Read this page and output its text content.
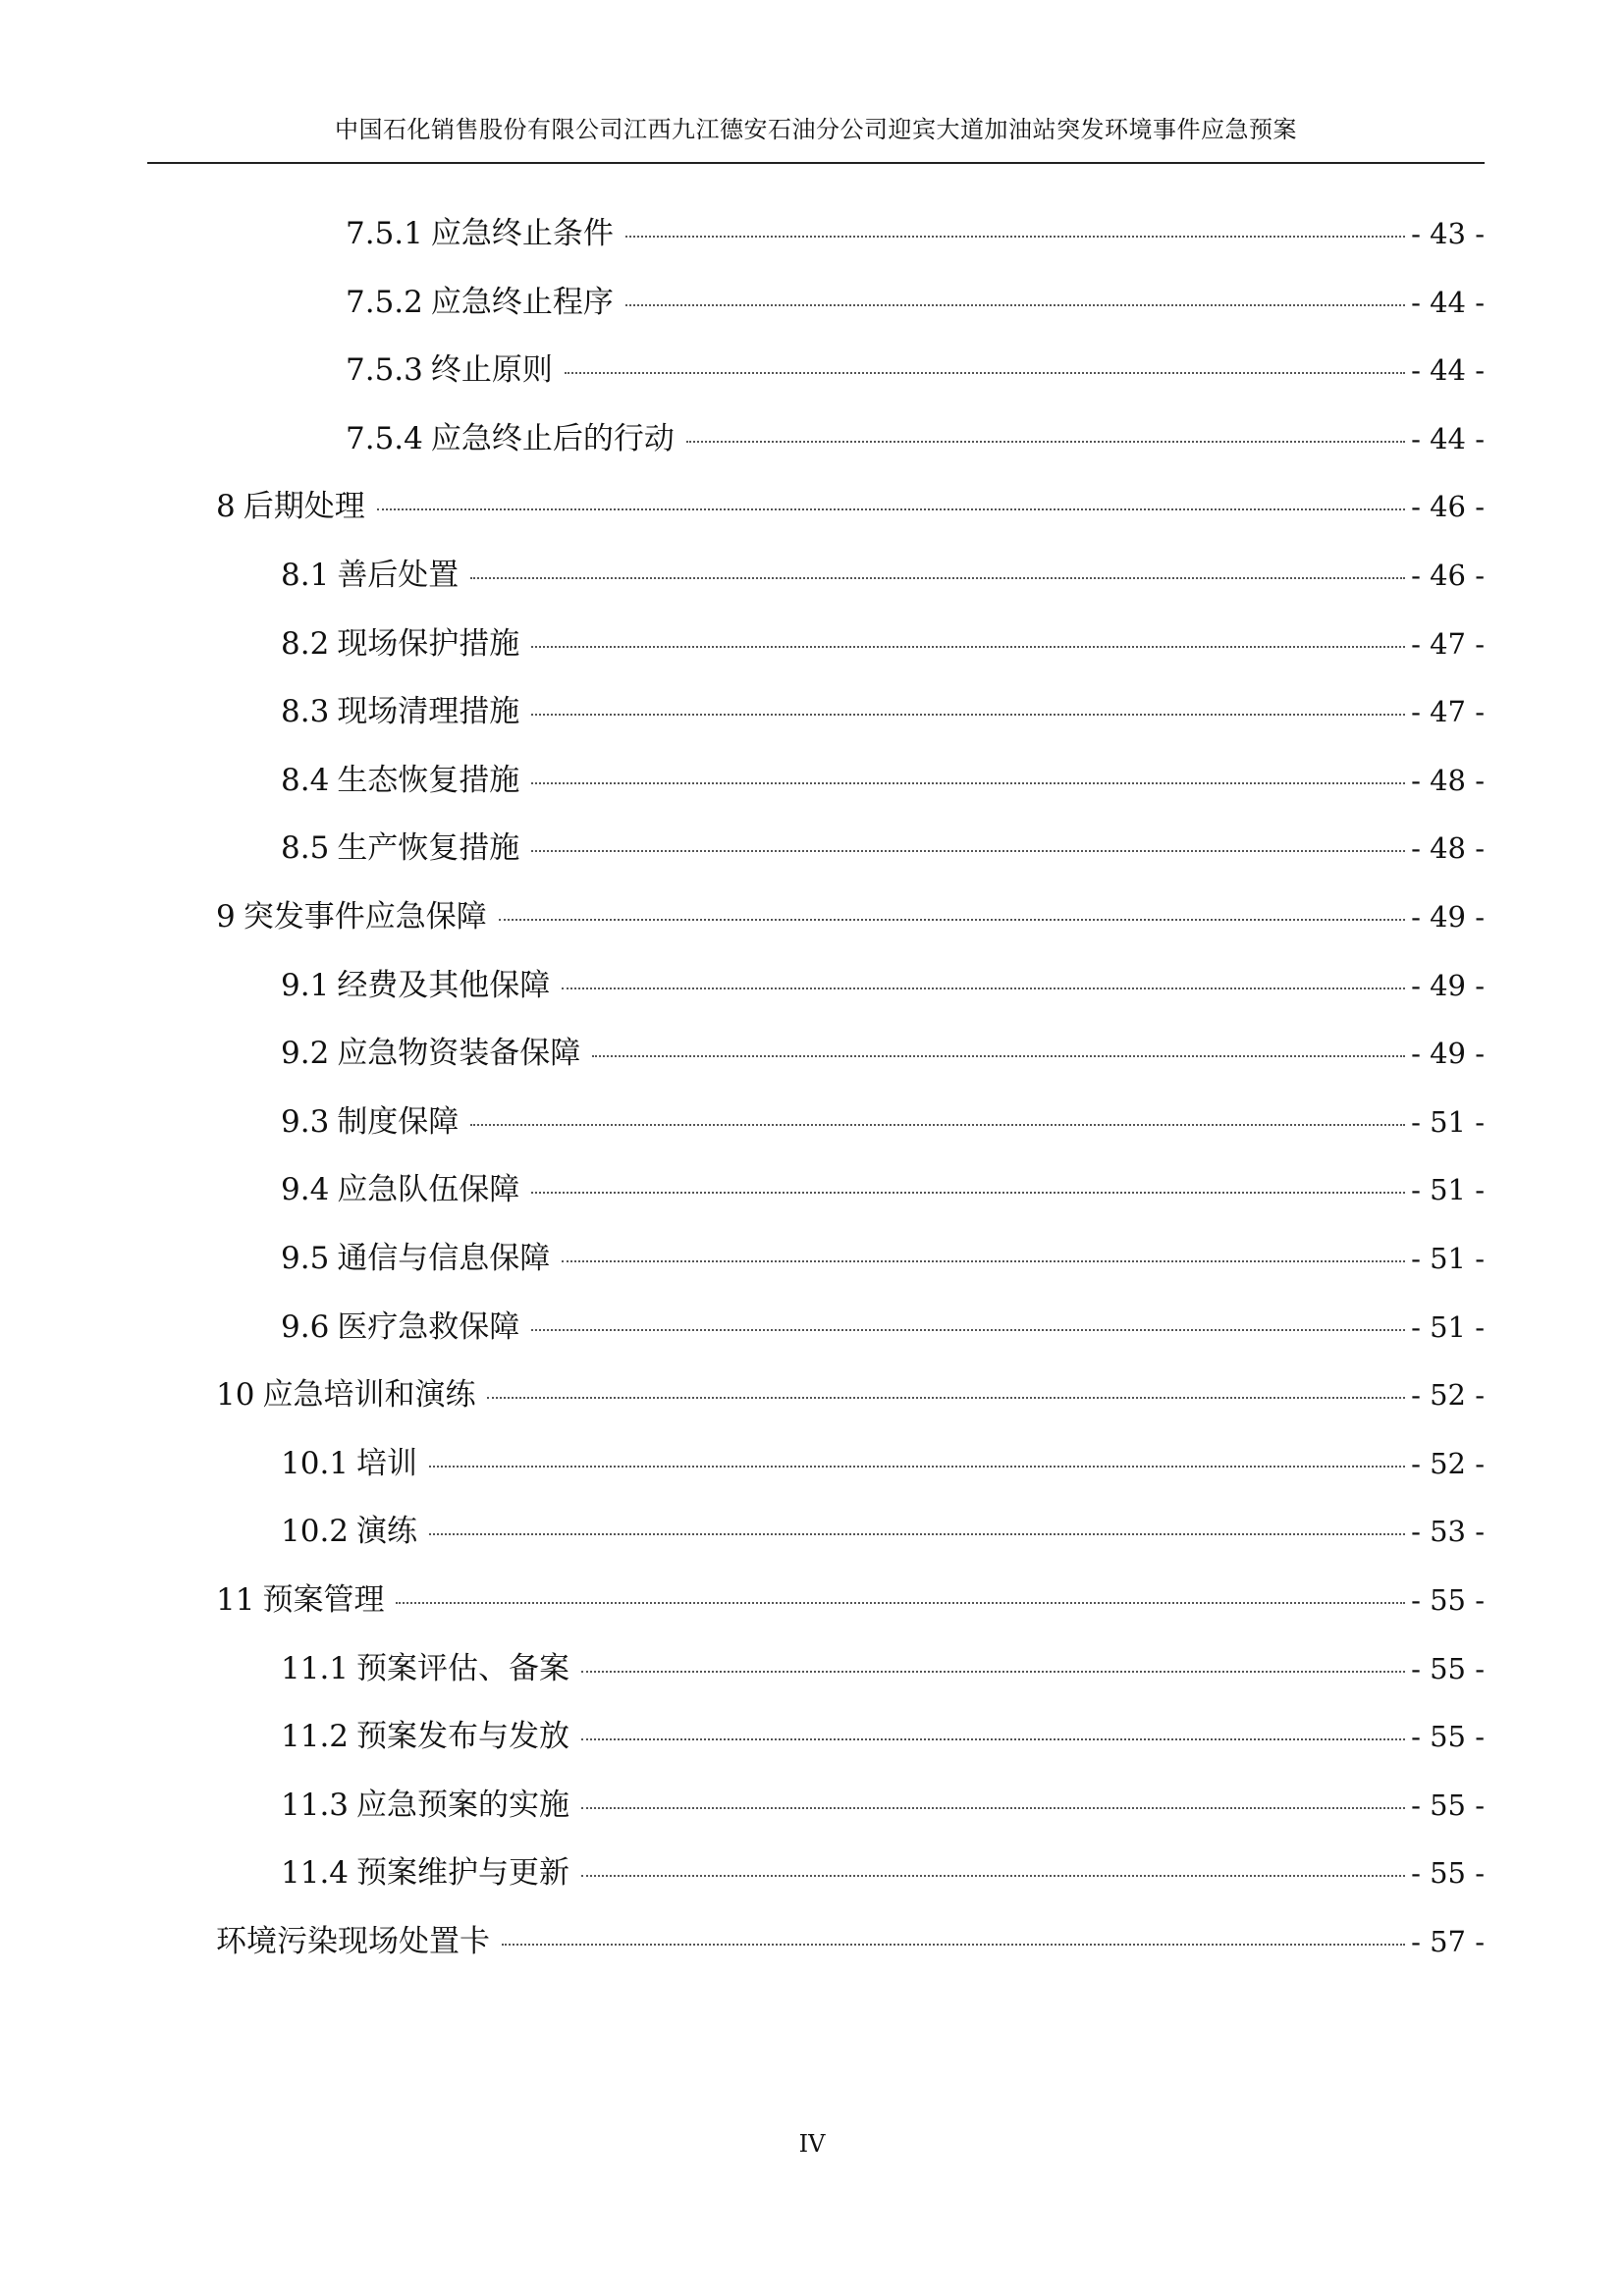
中国石化销售股份有限公司江西九江德安石油分公司迎宾大道加油站突发环境事件应急预案
7.5.1 应急终止条件	- 43 -
7.5.2 应急终止程序	- 44 -
7.5.3 终止原则	- 44 -
7.5.4 应急终止后的行动	- 44 -
8 后期处理	- 46 -
8.1 善后处置	- 46 -
8.2 现场保护措施	- 47 -
8.3 现场清理措施	- 47 -
8.4 生态恢复措施	- 48 -
8.5 生产恢复措施	- 48 -
9 突发事件应急保障	- 49 -
9.1 经费及其他保障	- 49 -
9.2 应急物资装备保障	- 49 -
9.3 制度保障	- 51 -
9.4 应急队伍保障	- 51 -
9.5 通信与信息保障	- 51 -
9.6 医疗急救保障	- 51 -
10 应急培训和演练	- 52 -
10.1 培训	- 52 -
10.2 演练	- 53 -
11 预案管理	- 55 -
11.1 预案评估、备案	- 55 -
11.2 预案发布与发放	- 55 -
11.3 应急预案的实施	- 55 -
11.4 预案维护与更新	- 55 -
环境污染现场处置卡	- 57 -
IV
